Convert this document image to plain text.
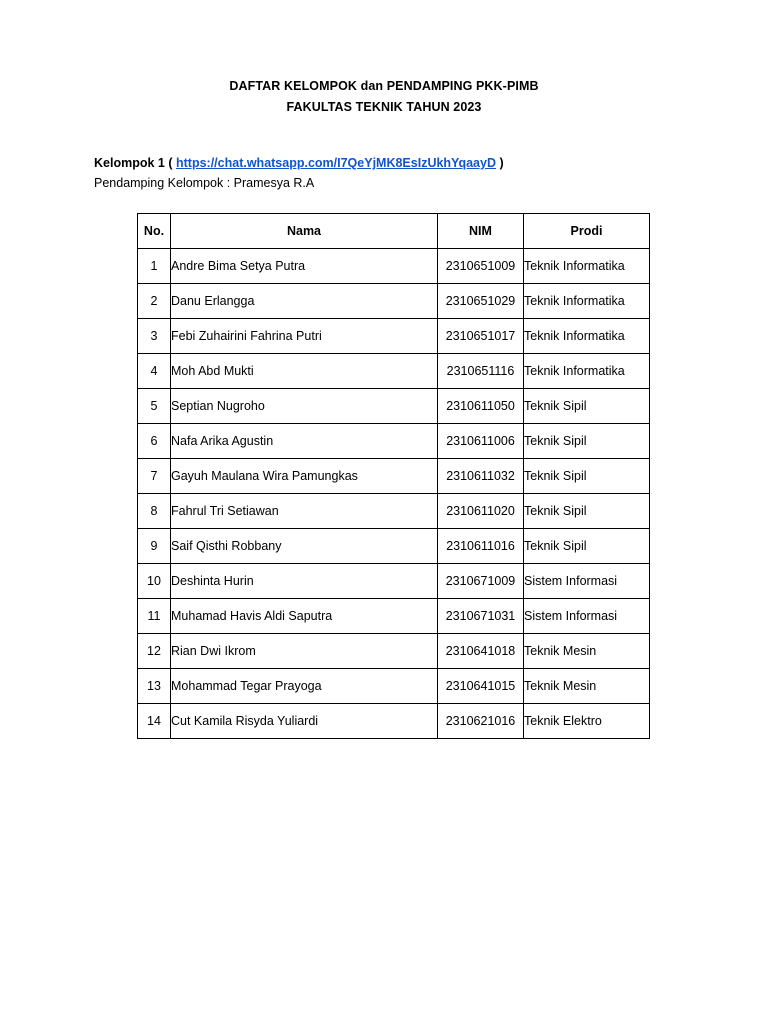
DAFTAR KELOMPOK dan PENDAMPING PKK-PIMB
FAKULTAS TEKNIK TAHUN 2023
Kelompok 1 ( https://chat.whatsapp.com/I7QeYjMK8EsIzUkhYqaayD )
Pendamping Kelompok : Pramesya R.A
No.	Nama	NIM	Prodi
1	Andre Bima Setya Putra	2310651009	Teknik Informatika
2	Danu Erlangga	2310651029	Teknik Informatika
3	Febi Zuhairini Fahrina Putri	2310651017	Teknik Informatika
4	Moh Abd Mukti	2310651116	Teknik Informatika
5	Septian Nugroho	2310611050	Teknik Sipil
6	Nafa Arika Agustin	2310611006	Teknik Sipil
7	Gayuh Maulana Wira Pamungkas	2310611032	Teknik Sipil
8	Fahrul Tri Setiawan	2310611020	Teknik Sipil
9	Saif Qisthi Robbany	2310611016	Teknik Sipil
10	Deshinta Hurin	2310671009	Sistem Informasi
11	Muhamad Havis Aldi Saputra	2310671031	Sistem Informasi
12	Rian Dwi Ikrom	2310641018	Teknik Mesin
13	Mohammad Tegar Prayoga	2310641015	Teknik Mesin
14	Cut Kamila Risyda Yuliardi	2310621016	Teknik Elektro
